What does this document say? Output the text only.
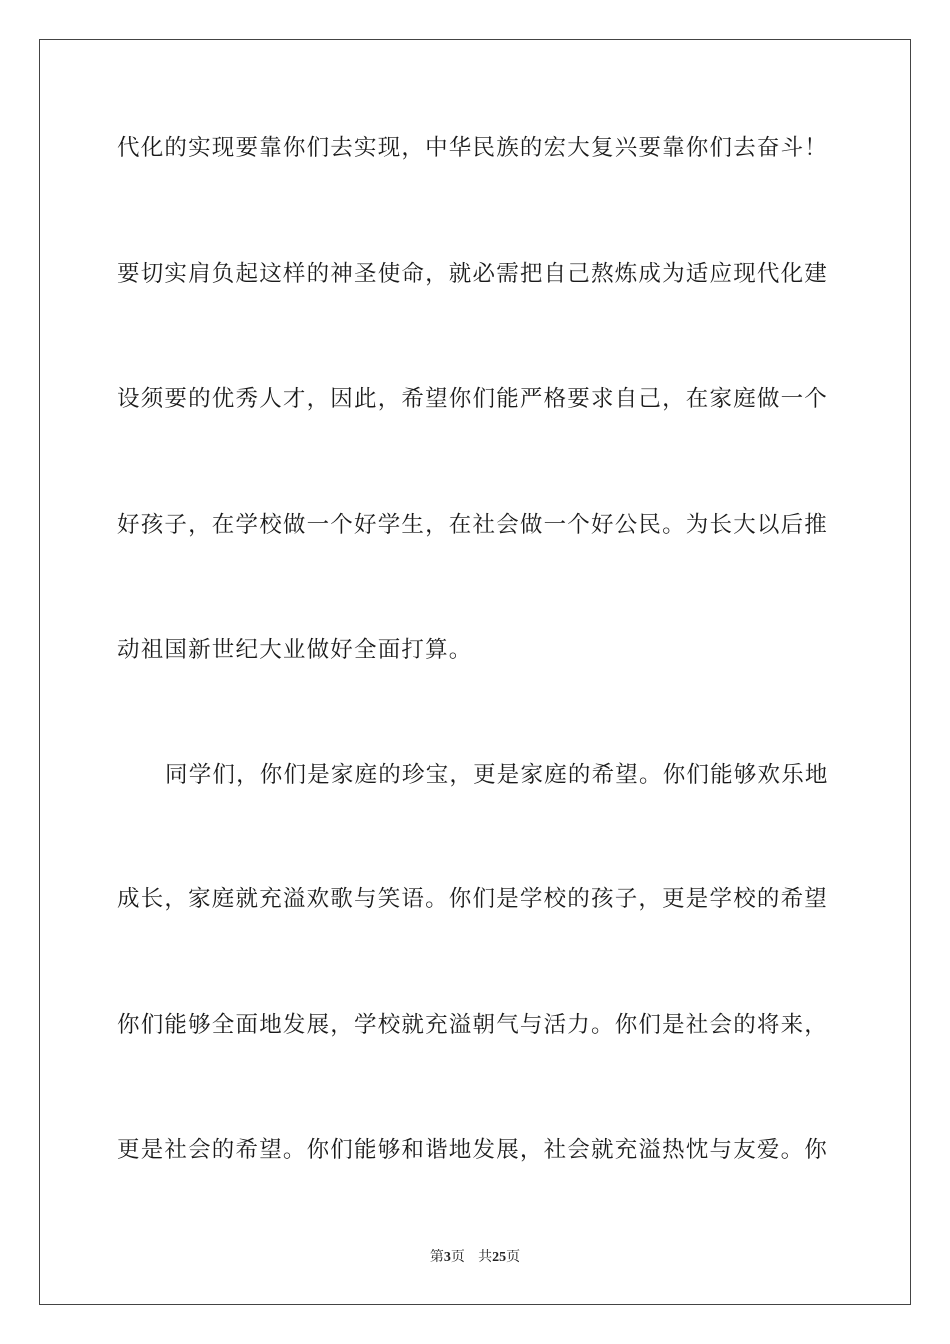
代化的实现要靠你们去实现，中华民族的宏大复兴要靠你们去奋斗！
要切实肩负起这样的神圣使命，就必需把自己熬炼成为适应现代化建
设须要的优秀人才，因此，希望你们能严格要求自己，在家庭做一个
好孩子，在学校做一个好学生，在社会做一个好公民。为长大以后推
动祖国新世纪大业做好全面打算。
同学们，你们是家庭的珍宝，更是家庭的希望。你们能够欢乐地
成长，家庭就充溢欢歌与笑语。你们是学校的孩子，更是学校的希望
你们能够全面地发展，学校就充溢朝气与活力。你们是社会的将来，
更是社会的希望。你们能够和谐地发展，社会就充溢热忱与友爱。你
第3页 共25页
